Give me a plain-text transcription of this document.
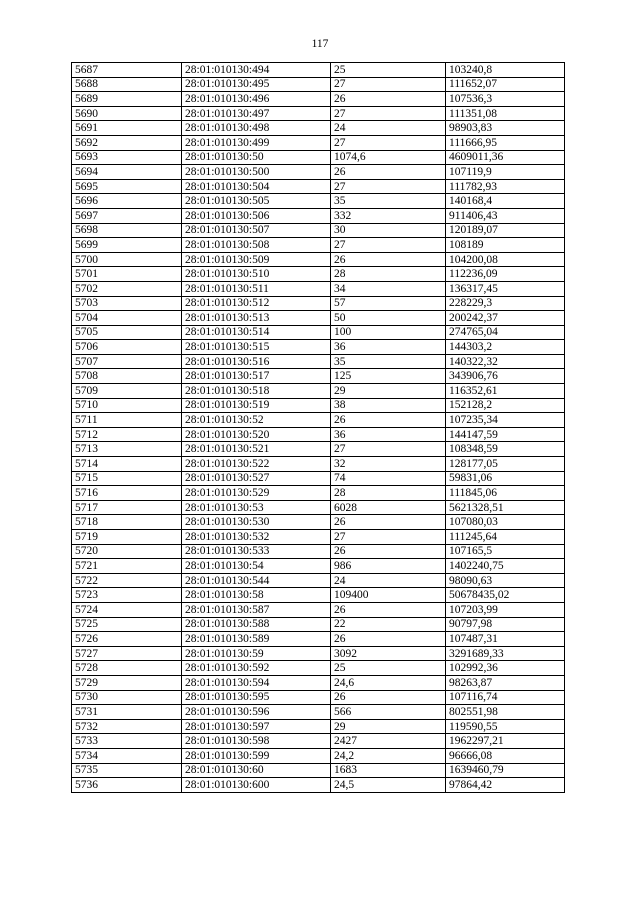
117
5687	28:01:010130:494	25	103240,8
5688	28:01:010130:495	27	111652,07
5689	28:01:010130:496	26	107536,3
5690	28:01:010130:497	27	111351,08
5691	28:01:010130:498	24	98903,83
5692	28:01:010130:499	27	111666,95
5693	28:01:010130:50	1074,6	4609011,36
5694	28:01:010130:500	26	107119,9
5695	28:01:010130:504	27	111782,93
5696	28:01:010130:505	35	140168,4
5697	28:01:010130:506	332	911406,43
5698	28:01:010130:507	30	120189,07
5699	28:01:010130:508	27	108189
5700	28:01:010130:509	26	104200,08
5701	28:01:010130:510	28	112236,09
5702	28:01:010130:511	34	136317,45
5703	28:01:010130:512	57	228229,3
5704	28:01:010130:513	50	200242,37
5705	28:01:010130:514	100	274765,04
5706	28:01:010130:515	36	144303,2
5707	28:01:010130:516	35	140322,32
5708	28:01:010130:517	125	343906,76
5709	28:01:010130:518	29	116352,61
5710	28:01:010130:519	38	152128,2
5711	28:01:010130:52	26	107235,34
5712	28:01:010130:520	36	144147,59
5713	28:01:010130:521	27	108348,59
5714	28:01:010130:522	32	128177,05
5715	28:01:010130:527	74	59831,06
5716	28:01:010130:529	28	111845,06
5717	28:01:010130:53	6028	5621328,51
5718	28:01:010130:530	26	107080,03
5719	28:01:010130:532	27	111245,64
5720	28:01:010130:533	26	107165,5
5721	28:01:010130:54	986	1402240,75
5722	28:01:010130:544	24	98090,63
5723	28:01:010130:58	109400	50678435,02
5724	28:01:010130:587	26	107203,99
5725	28:01:010130:588	22	90797,98
5726	28:01:010130:589	26	107487,31
5727	28:01:010130:59	3092	3291689,33
5728	28:01:010130:592	25	102992,36
5729	28:01:010130:594	24,6	98263,87
5730	28:01:010130:595	26	107116,74
5731	28:01:010130:596	566	802551,98
5732	28:01:010130:597	29	119590,55
5733	28:01:010130:598	2427	1962297,21
5734	28:01:010130:599	24,2	96666,08
5735	28:01:010130:60	1683	1639460,79
5736	28:01:010130:600	24,5	97864,42
